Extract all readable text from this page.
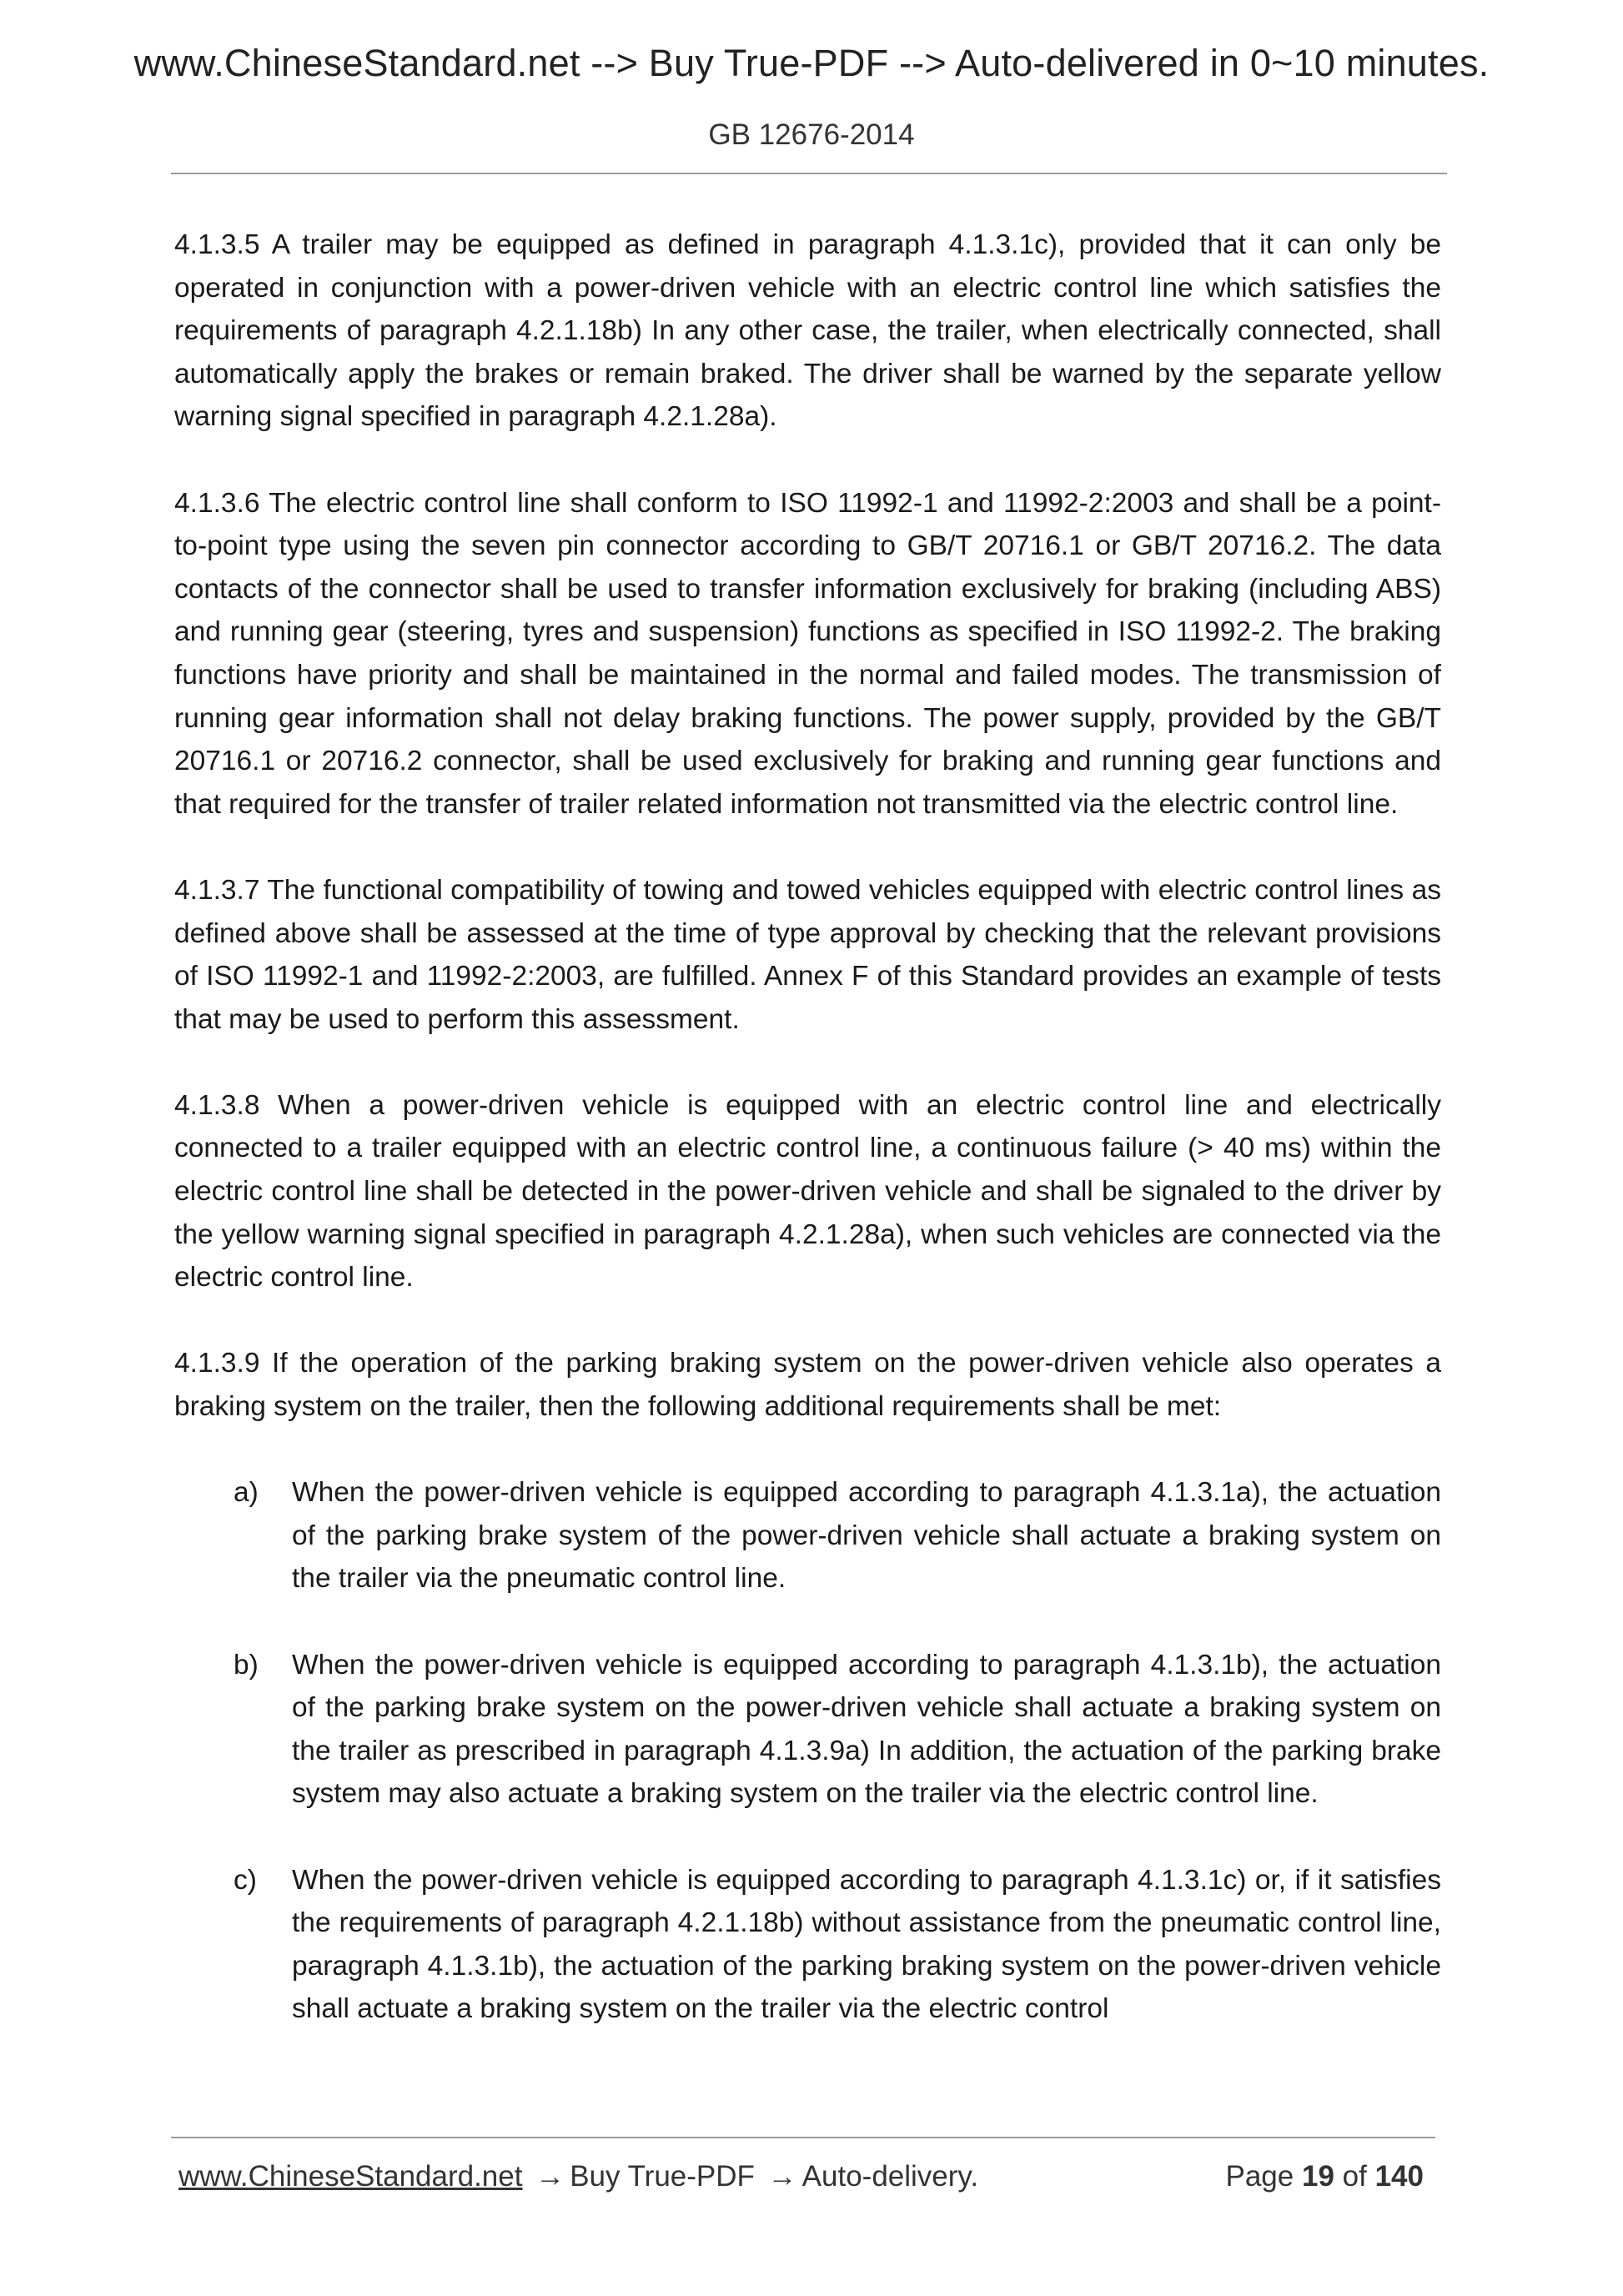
www.ChineseStandard.net --> Buy True-PDF --> Auto-delivered in 0~10 minutes.
GB 12676-2014

4.1.3.5 A trailer may be equipped as defined in paragraph 4.1.3.1c), provided that it can only be operated in conjunction with a power-driven vehicle with an electric control line which satisfies the requirements of paragraph 4.2.1.18b) In any other case, the trailer, when electrically connected, shall automatically apply the brakes or remain braked. The driver shall be warned by the separate yellow warning signal specified in paragraph 4.2.1.28a).

4.1.3.6 The electric control line shall conform to ISO 11992-1 and 11992-2:2003 and shall be a point-to-point type using the seven pin connector according to GB/T 20716.1 or GB/T 20716.2. The data contacts of the connector shall be used to transfer information exclusively for braking (including ABS) and running gear (steering, tyres and suspension) functions as specified in ISO 11992-2. The braking functions have priority and shall be maintained in the normal and failed modes. The transmission of running gear information shall not delay braking functions. The power supply, provided by the GB/T 20716.1 or 20716.2 connector, shall be used exclusively for braking and running gear functions and that required for the transfer of trailer related information not transmitted via the electric control line.

4.1.3.7 The functional compatibility of towing and towed vehicles equipped with electric control lines as defined above shall be assessed at the time of type approval by checking that the relevant provisions of ISO 11992-1 and 11992-2:2003, are fulfilled. Annex F of this Standard provides an example of tests that may be used to perform this assessment.

4.1.3.8 When a power-driven vehicle is equipped with an electric control line and electrically connected to a trailer equipped with an electric control line, a continuous failure (> 40 ms) within the electric control line shall be detected in the power-driven vehicle and shall be signaled to the driver by the yellow warning signal specified in paragraph 4.2.1.28a), when such vehicles are connected via the electric control line.

4.1.3.9 If the operation of the parking braking system on the power-driven vehicle also operates a braking system on the trailer, then the following additional requirements shall be met:

a) When the power-driven vehicle is equipped according to paragraph 4.1.3.1a), the actuation of the parking brake system of the power-driven vehicle shall actuate a braking system on the trailer via the pneumatic control line.
b) When the power-driven vehicle is equipped according to paragraph 4.1.3.1b), the actuation of the parking brake system on the power-driven vehicle shall actuate a braking system on the trailer as prescribed in paragraph 4.1.3.9a) In addition, the actuation of the parking brake system may also actuate a braking system on the trailer via the electric control line.
c) When the power-driven vehicle is equipped according to paragraph 4.1.3.1c) or, if it satisfies the requirements of paragraph 4.2.1.18b) without assistance from the pneumatic control line, paragraph 4.1.3.1b), the actuation of the parking braking system on the power-driven vehicle shall actuate a braking system on the trailer via the electric control
www.ChineseStandard.net → Buy True-PDF → Auto-delivery.	Page 19 of 140
